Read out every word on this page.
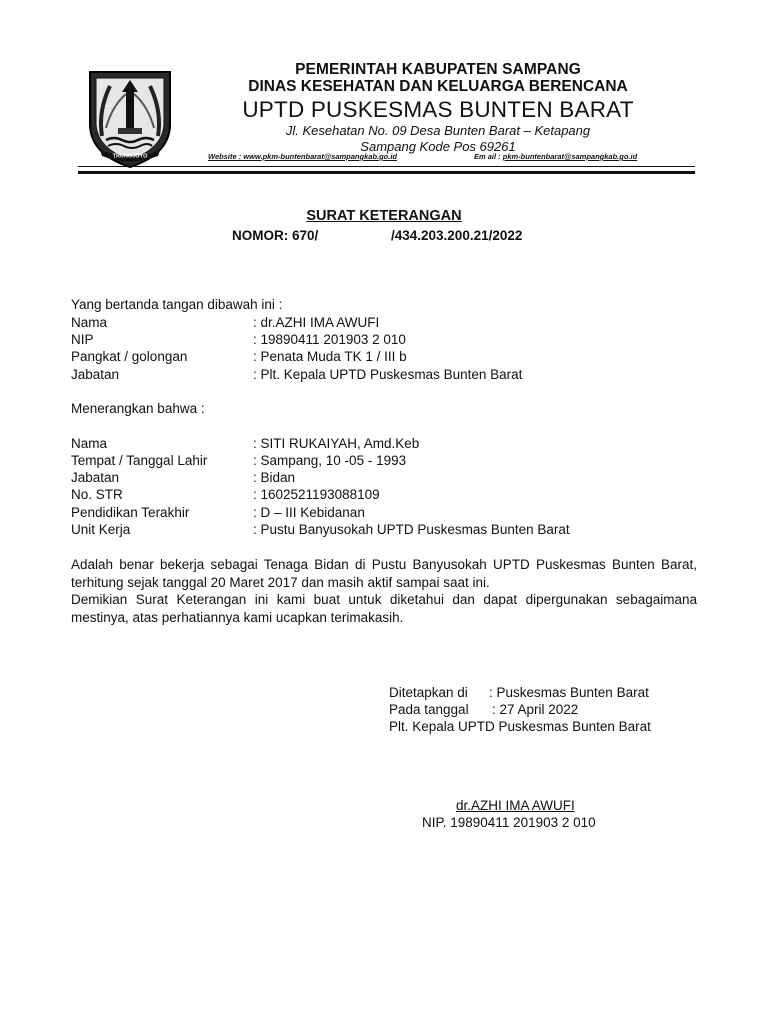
TRUNOJOYO
PEMERINTAH KABUPATEN SAMPANG
DINAS KESEHATAN DAN KELUARGA BERENCANA
UPTD PUSKESMAS BUNTEN BARAT
Jl. Kesehatan No. 09 Desa Bunten Barat – Ketapang
Sampang Kode Pos 69261
Website : www.pkm-buntenbarat@sampangkab.go.id	Em ail : pkm-buntenbarat@sampangkab.go.id
SURAT KETERANGAN
NOMOR: 670/	/434.203.200.21/2022
Yang bertanda tangan dibawah ini :
Nama	: dr.AZHI IMA AWUFI
NIP	: 19890411 201903 2 010
Pangkat / golongan	: Penata Muda TK 1 / III b
Jabatan	: Plt. Kepala UPTD Puskesmas Bunten Barat
Menerangkan bahwa :
Nama	: SITI RUKAIYAH, Amd.Keb
Tempat / Tanggal Lahir	: Sampang, 10 -05 - 1993
Jabatan	: Bidan
No. STR	: 1602521193088109
Pendidikan Terakhir	: D – III Kebidanan
Unit Kerja	: Pustu Banyusokah UPTD Puskesmas Bunten Barat
Adalah benar bekerja sebagai Tenaga Bidan di Pustu Banyusokah UPTD Puskesmas Bunten Barat, terhitung sejak tanggal 20 Maret 2017 dan masih aktif sampai saat ini.
Demikian Surat Keterangan ini kami buat untuk diketahui dan dapat dipergunakan sebagaimana mestinya, atas perhatiannya kami ucapkan terimakasih.
Ditetapkan di : Puskesmas Bunten Barat
Pada tanggal : 27 April 2022
Plt. Kepala UPTD Puskesmas Bunten Barat
dr.AZHI IMA AWUFI
NIP. 19890411 201903 2 010
